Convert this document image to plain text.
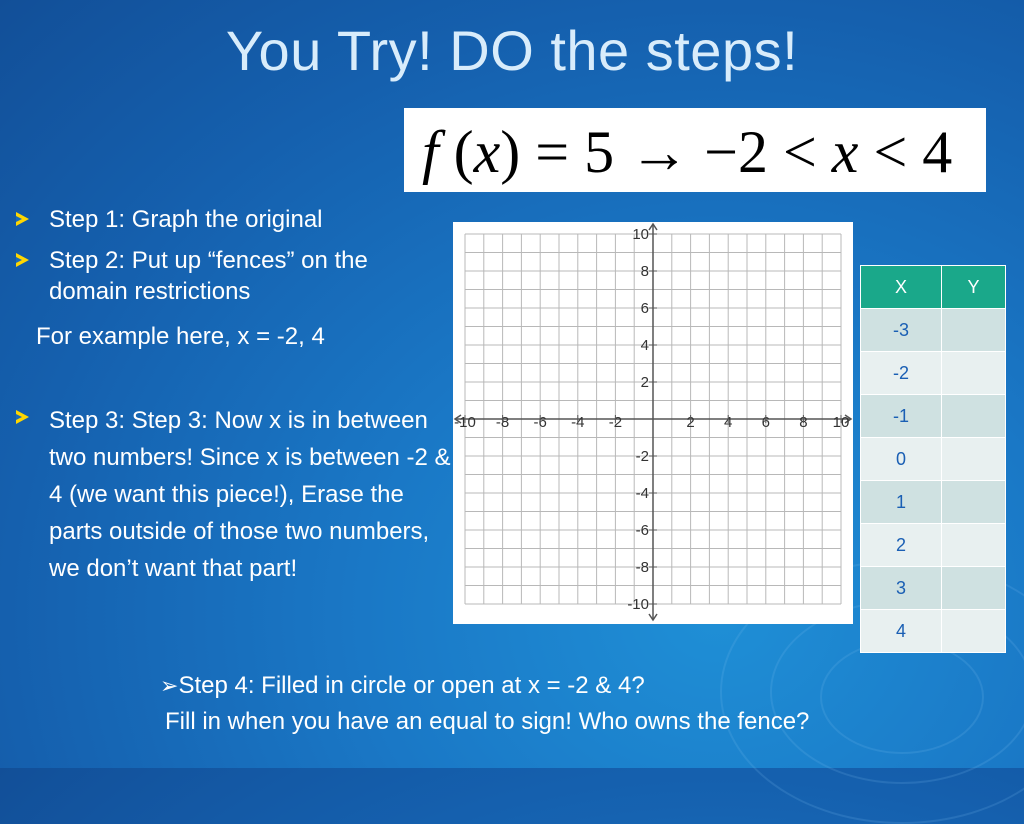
You Try! DO the steps!
f (x) = 5 → −2 < x < 4
Step 1: Graph the original
Step 2: Put up “fences” on the domain restrictions
For example here, x = -2, 4
Step 3: Step 3: Now x is in between two numbers! Since x is between -2 & 4 (we want this piece!), Erase the parts outside of those two numbers, we don’t want that part!
-10 -8 -6 -4 -2	2 4 6 8 10
10
8
6
4
2
-2
-4
-6
-8
-10
X	Y
-3	
-2	
-1	
0	
1	
2	
3	
4	
➢Step 4: Filled in circle or open at x = -2 & 4?
Fill in when you have an equal to sign! Who owns the fence?
